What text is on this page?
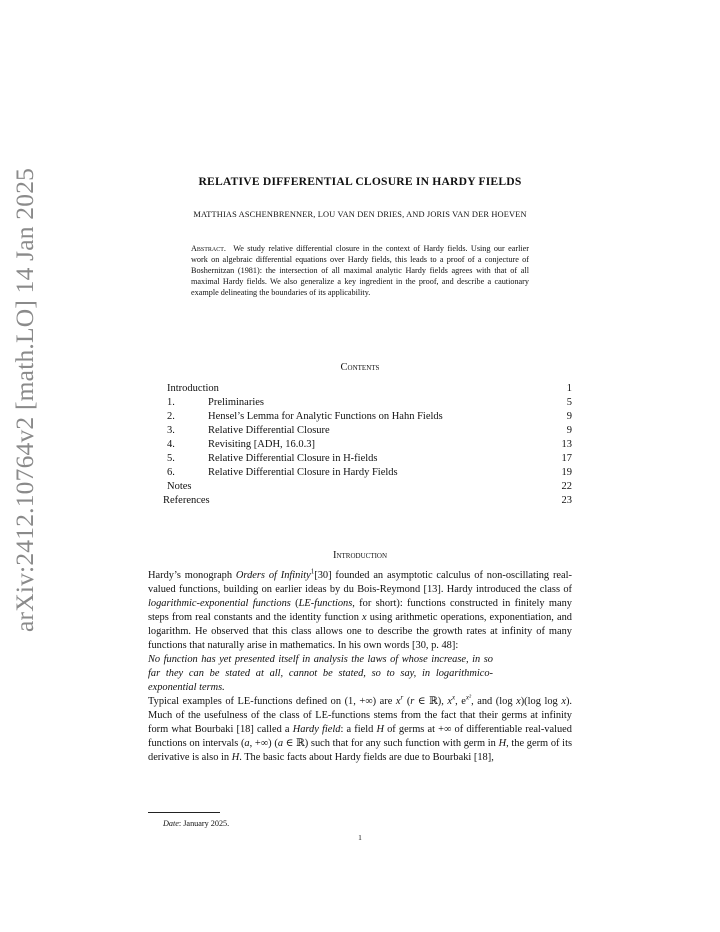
arXiv:2412.10764v2 [math.LO] 14 Jan 2025	RELATIVE DIFFERENTIAL CLOSURE IN HARDY FIELDS
MATTHIAS ASCHENBRENNER, LOU VAN DEN DRIES, AND JORIS VAN DER HOEVEN
Abstract. We study relative differential closure in the context of Hardy fields. Using our earlier work on algebraic differential equations over Hardy fields, this leads to a proof of a conjecture of Boshernitzan (1981): the intersection of all maximal analytic Hardy fields agrees with that of all maximal Hardy fields. We also generalize a key ingredient in the proof, and describe a cautionary example delineating the boundaries of its applicability.
Contents
Introduction	1
1.	Preliminaries	5
2.	Hensel’s Lemma for Analytic Functions on Hahn Fields	9
3.	Relative Differential Closure	9
4.	Revisiting [ADH, 16.0.3]	13
5.	Relative Differential Closure in H-fields	17
6.	Relative Differential Closure in Hardy Fields	19
Notes	22
References	23
Introduction

Hardy’s monograph Orders of Infinity$^1$[30] founded an asymptotic calculus of non-oscillating real-valued functions, building on earlier ideas by du Bois-Reymond [13]. Hardy introduced the class of logarithmic-exponential functions (LE-functions, for short): functions constructed in finitely many steps from real constants and the identity function x using arithmetic operations, exponentiation, and logarithm. He observed that this class allows one to describe the growth rates at infinity of many functions that naturally arise in mathematics. In his own words [30, p. 48]:

No function has yet presented itself in analysis the laws of whose increase, in so far they can be stated at all, cannot be stated, so to say, in logarithmico-exponential terms.

Typical examples of LE-functions defined on (1, +∞) are $x^r$ (r ∈ ℝ), $x^x$, $e^{x^2}$, and (log x)(log log x). Much of the usefulness of the class of LE-functions stems from the fact that their germs at infinity form what Bourbaki [18] called a Hardy field: a field H of germs at +∞ of differentiable real-valued functions on intervals (a, +∞) (a ∈ ℝ) such that for any such function with germ in H, the germ of its derivative is also in H. The basic facts about Hardy fields are due to Bourbaki [18],

Date: January 2025.
1
